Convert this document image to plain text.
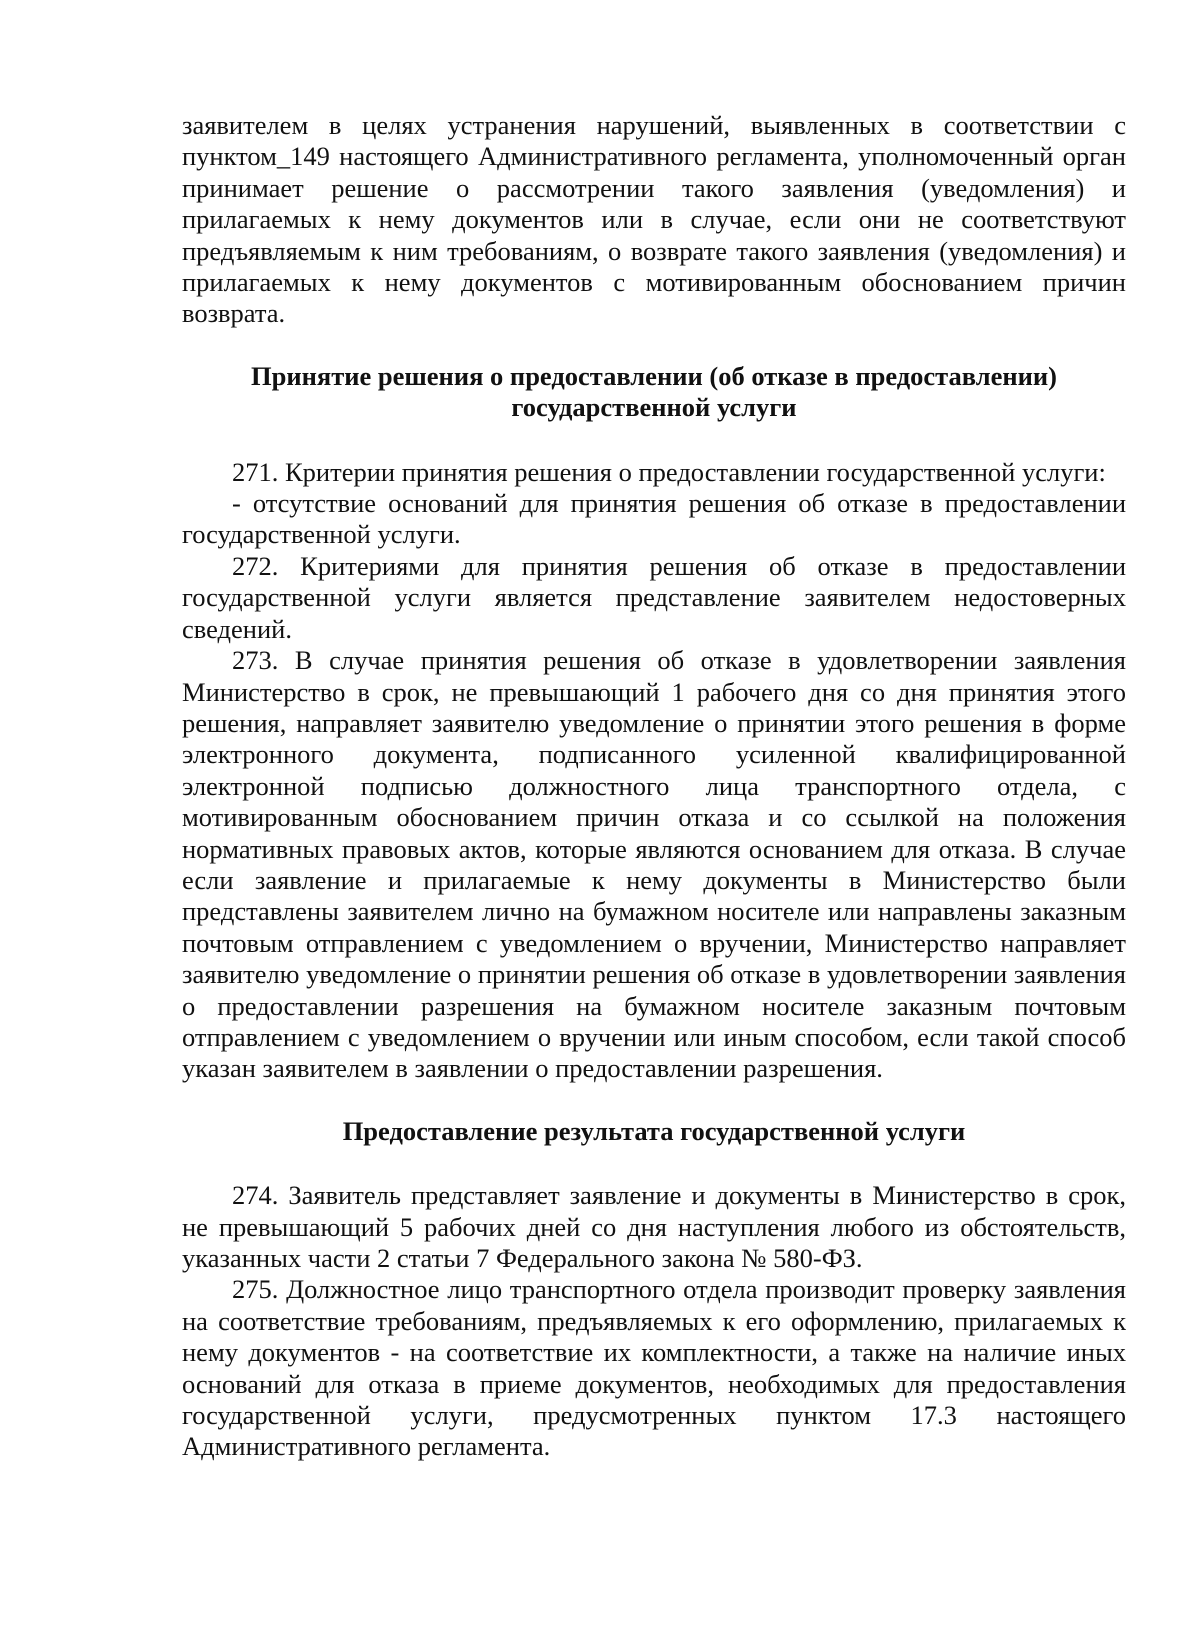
заявителем в целях устранения нарушений, выявленных в соответствии с пунктом_149 настоящего Административного регламента, уполномоченный орган принимает решение о рассмотрении такого заявления (уведомления) и прилагаемых к нему документов или в случае, если они не соответствуют предъявляемым к ним требованиям, о возврате такого заявления (уведомления) и прилагаемых к нему документов с мотивированным обоснованием причин возврата.

Принятие решения о предоставлении (об отказе в предоставлении)
государственной услуги

271. Критерии принятия решения о предоставлении государственной услуги:

- отсутствие оснований для принятия решения об отказе в предоставлении государственной услуги.

272. Критериями для принятия решения об отказе в предоставлении государственной услуги является представление заявителем недостоверных сведений.

273. В случае принятия решения об отказе в удовлетворении заявления Министерство в срок, не превышающий 1 рабочего дня со дня принятия этого решения, направляет заявителю уведомление о принятии этого решения в форме электронного документа, подписанного усиленной квалифицированной электронной подписью должностного лица транспортного отдела, с мотивированным обоснованием причин отказа и со ссылкой на положения нормативных правовых актов, которые являются основанием для отказа. В случае если заявление и прилагаемые к нему документы в Министерство были представлены заявителем лично на бумажном носителе или направлены заказным почтовым отправлением с уведомлением о вручении, Министерство направляет заявителю уведомление о принятии решения об отказе в удовлетворении заявления о предоставлении разрешения на бумажном носителе заказным почтовым отправлением с уведомлением о вручении или иным способом, если такой способ указан заявителем в заявлении о предоставлении разрешения.

Предоставление результата государственной услуги

274. Заявитель представляет заявление и документы в Министерство в срок, не превышающий 5 рабочих дней со дня наступления любого из обстоятельств, указанных части 2 статьи 7 Федерального закона № 580-ФЗ.

275. Должностное лицо транспортного отдела производит проверку заявления на соответствие требованиям, предъявляемых к его оформлению, прилагаемых к нему документов - на соответствие их комплектности, а также на наличие иных оснований для отказа в приеме документов, необходимых для предоставления государственной услуги, предусмотренных пунктом 17.3 настоящего Административного регламента.
